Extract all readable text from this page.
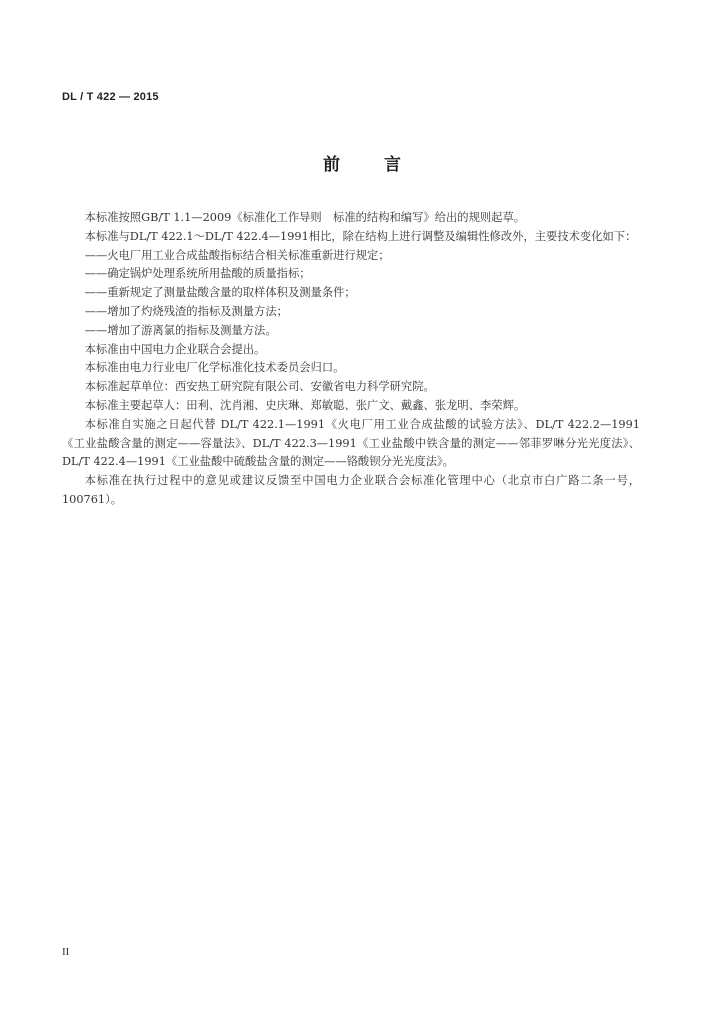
DL / T 422 — 2015
前	言

本标准按照GB/T 1.1—2009《标准化工作导则　标准的结构和编写》给出的规则起草。

本标准与DL/T 422.1～DL/T 422.4—1991相比，除在结构上进行调整及编辑性修改外，主要技术变化如下：

——火电厂用工业合成盐酸指标结合相关标准重新进行规定；

——确定锅炉处理系统所用盐酸的质量指标；

——重新规定了测量盐酸含量的取样体积及测量条件；

——增加了灼烧残渣的指标及测量方法；

——增加了游离氯的指标及测量方法。

本标准由中国电力企业联合会提出。

本标准由电力行业电厂化学标准化技术委员会归口。

本标准起草单位：西安热工研究院有限公司、安徽省电力科学研究院。

本标准主要起草人：田利、沈肖湘、史庆琳、郑敏聪、张广文、戴鑫、张龙明、李荣辉。

本标准自实施之日起代替 DL/T 422.1—1991《火电厂用工业合成盐酸的试验方法》、DL/T 422.2—1991《工业盐酸含量的测定——容量法》、DL/T 422.3—1991《工业盐酸中铁含量的测定——邻菲罗啉分光光度法》、DL/T 422.4—1991《工业盐酸中硫酸盐含量的测定——铬酸钡分光光度法》。

本标准在执行过程中的意见或建议反馈至中国电力企业联合会标准化管理中心（北京市白广路二条一号，100761）。

II
